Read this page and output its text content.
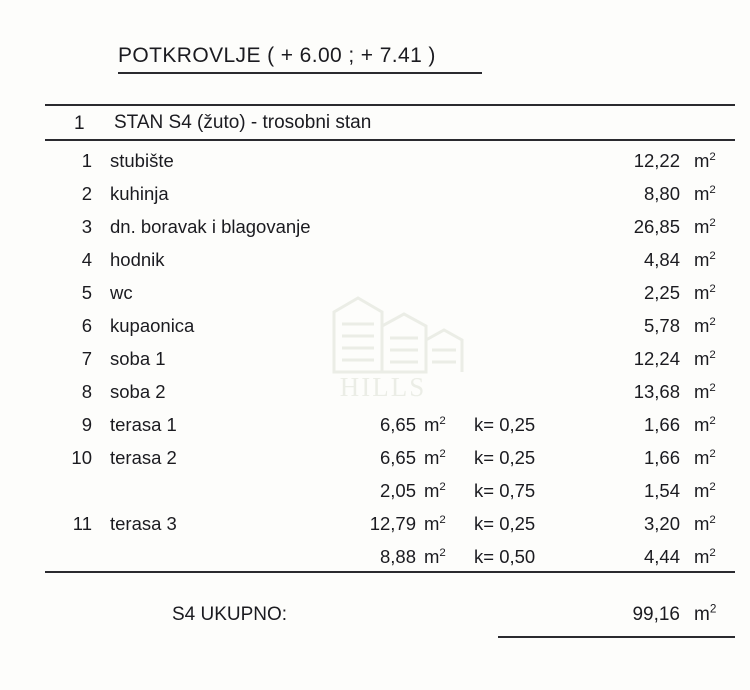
HILLS
POTKROVLJE ( + 6.00 ; + 7.41 )
1 STAN S4 (žuto) - trosobni stan
1 stubište	12,22 $m^2$
2 kuhinja	8,80 $m^2$
3 dn. boravak i blagovanje	26,85 $m^2$
4 hodnik	4,84 $m^2$
5 wc	2,25 $m^2$
6 kupaonica	5,78 $m^2$
7 soba 1	12,24 $m^2$
8 soba 2	13,68 $m^2$
9 terasa 1	6,65 $m^2$ k= 0,25	1,66 $m^2$
10 terasa 2	6,65 $m^2$ k= 0,25	1,66 $m^2$
2,05 $m^2$ k= 0,75	1,54 $m^2$
11 terasa 3	12,79 $m^2$ k= 0,25	3,20 $m^2$
8,88 $m^2$ k= 0,50	4,44 $m^2$
S4 UKUPNO:	99,16 $m^2$
